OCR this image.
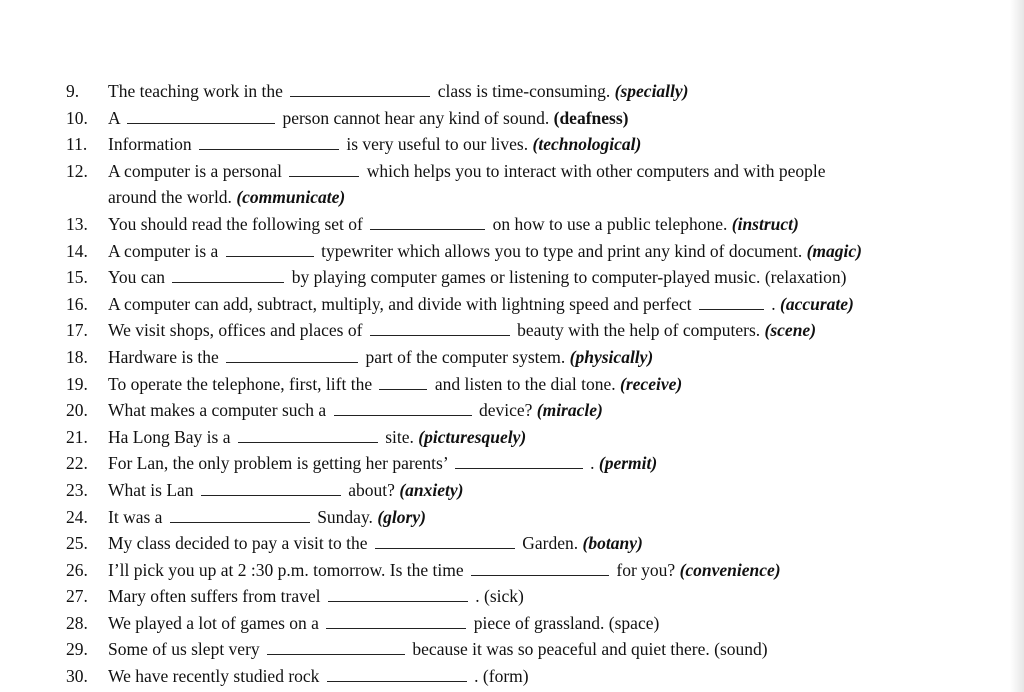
9. The teaching work in the	class is time-consuming. (specially)
10. A	person cannot hear any kind of sound. (deafness)
11. Information	is very useful to our lives. (technological)
12. A computer is a personal	which helps you to interact with other computers and with people
around the world. (communicate)
13. You should read the following set of	on how to use a public telephone. (instruct)
14. A computer is a	typewriter which allows you to type and print any kind of document. (magic)
15. You can	by playing computer games or listening to computer-played music. (relaxation)
16. A computer can add, subtract, multiply, and divide with lightning speed and perfect	. (accurate)
17. We visit shops, offices and places of	beauty with the help of computers. (scene)
18. Hardware is the	part of the computer system. (physically)
19. To operate the telephone, first, lift the	and listen to the dial tone. (receive)
20. What makes a computer such a	device? (miracle)
21. Ha Long Bay is a	site. (picturesquely)
22. For Lan, the only problem is getting her parents’	. (permit)
23. What is Lan	about? (anxiety)
24. It was a	Sunday. (glory)
25. My class decided to pay a visit to the	Garden. (botany)
26. I’ll pick you up at 2 :30 p.m. tomorrow. Is the time	for you? (convenience)
27. Mary often suffers from travel	. (sick)
28. We played a lot of games on a	piece of grassland. (space)
29. Some of us slept very	because it was so peaceful and quiet there. (sound)
30. We have recently studied rock	. (form)
